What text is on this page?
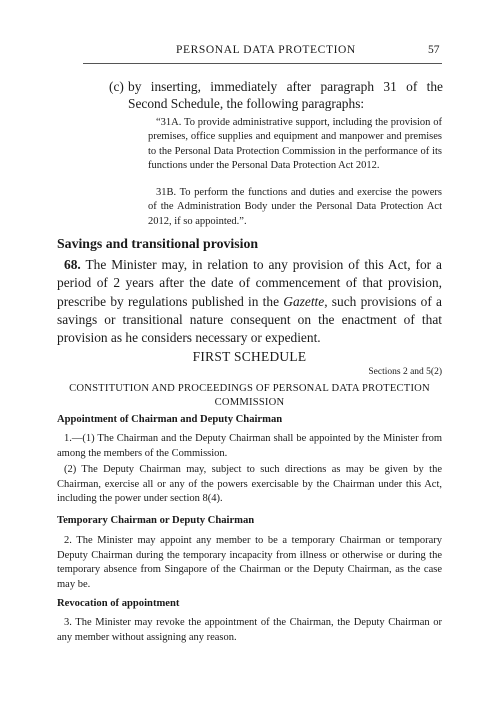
PERSONAL DATA PROTECTION	57
(c) by inserting, immediately after paragraph 31 of the Second Schedule, the following paragraphs:

“31A. To provide administrative support, including the provision of premises, office supplies and equipment and manpower and premises to the Personal Data Protection Commission in the performance of its functions under the Personal Data Protection Act 2012.

31B. To perform the functions and duties and exercise the powers of the Administration Body under the Personal Data Protection Act 2012, if so appointed.”.

Savings and transitional provision
68. The Minister may, in relation to any provision of this Act, for a period of 2 years after the date of commencement of that provision, prescribe by regulations published in the Gazette, such provisions of a savings or transitional nature consequent on the enactment of that provision as he considers necessary or expedient.
FIRST SCHEDULE
Sections 2 and 5(2)
CONSTITUTION AND PROCEEDINGS OF PERSONAL DATA PROTECTION COMMISSION
Appointment of Chairman and Deputy Chairman
1.—(1) The Chairman and the Deputy Chairman shall be appointed by the Minister from among the members of the Commission.
(2) The Deputy Chairman may, subject to such directions as may be given by the Chairman, exercise all or any of the powers exercisable by the Chairman under this Act, including the power under section 8(4).
Temporary Chairman or Deputy Chairman
2. The Minister may appoint any member to be a temporary Chairman or temporary Deputy Chairman during the temporary incapacity from illness or otherwise or during the temporary absence from Singapore of the Chairman or the Deputy Chairman, as the case may be.
Revocation of appointment
3. The Minister may revoke the appointment of the Chairman, the Deputy Chairman or any member without assigning any reason.
